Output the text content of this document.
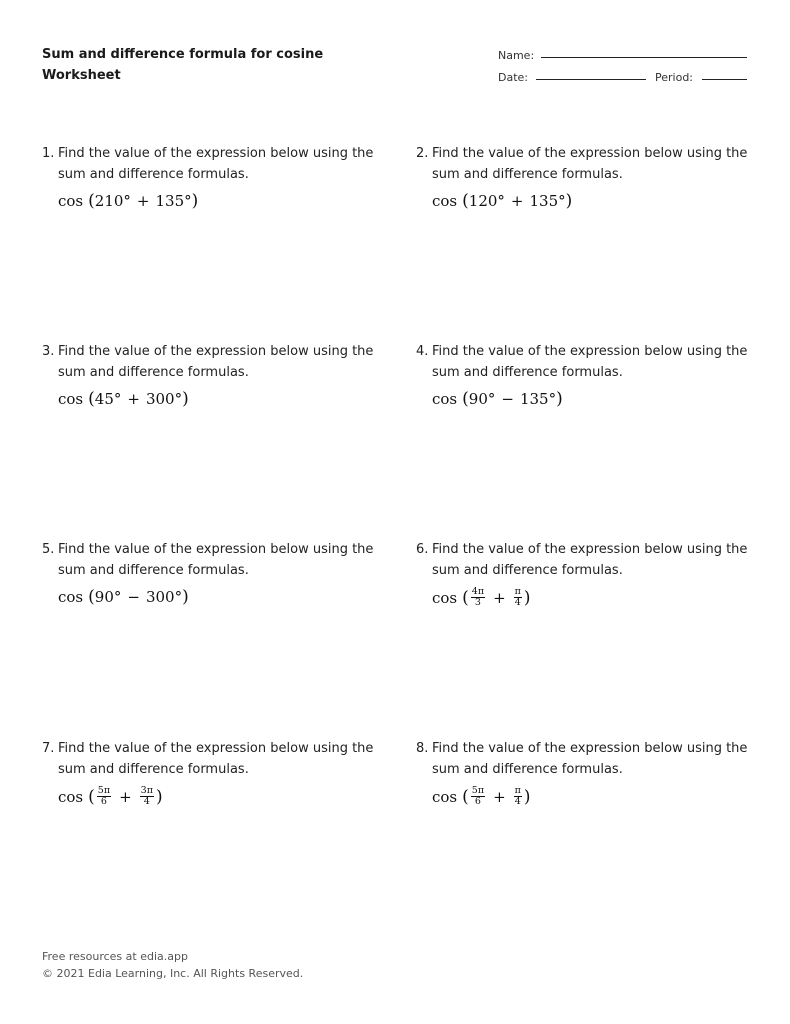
Sum and difference formula for cosine
Worksheet
Name:
Date:	Period:
1. Find the value of the expression below using the sum and difference formulas.
cos ( 210° + 135° )
2. Find the value of the expression below using the sum and difference formulas.
cos ( 120° + 135° )
3. Find the value of the expression below using the sum and difference formulas.
cos ( 45° + 300° )
4. Find the value of the expression below using the sum and difference formulas.
cos ( 90° − 135° )
5. Find the value of the expression below using the sum and difference formulas.
cos ( 90° − 300° )
6. Find the value of the expression below using the sum and difference formulas.
cos ( $\frac{4\pi}{3} + \frac{\pi}{4}$ )
7. Find the value of the expression below using the sum and difference formulas.
cos ( $\frac{5\pi}{6} + \frac{3\pi}{4}$ )
8. Find the value of the expression below using the sum and difference formulas.
cos ( $\frac{5\pi}{6} + \frac{\pi}{4}$ )
Free resources at edia.app
© 2021 Edia Learning, Inc. All Rights Reserved.
